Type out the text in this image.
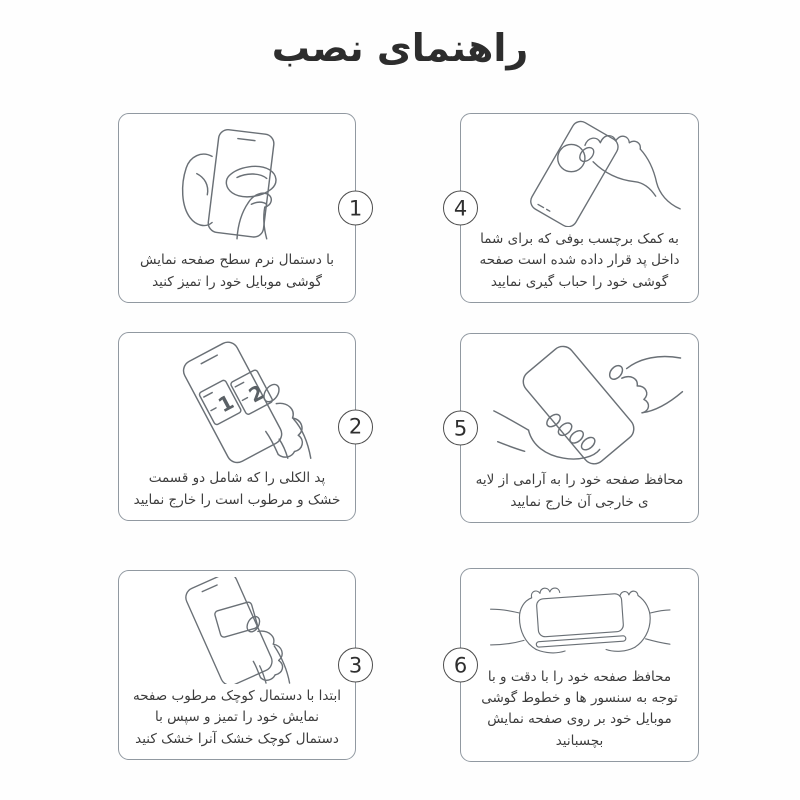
راهنمای نصب

با دستمال نرم سطح صفحه نمایش گوشی موبایل خود را تمیز کنید

1
1 2

پد الکلی را که شامل دو قسمت خشک و مرطوب است را خارج نمایید

2

ابتدا با دستمال کوچک مرطوب صفحه نمایش خود را تمیز و سپس با دستمال کوچک خشک آنرا خشک کنید

3

به کمک برچسب بوفی که برای شما داخل پد قرار داده شده است صفحه گوشی خود را حباب گیری نمایید

4

محافظ صفحه خود را به آرامی از لایه ی خارجی آن خارج نمایید

5

محافظ صفحه خود را با دقت و با توجه به سنسور ها و خطوط گوشی موبایل خود بر روی صفحه نمایش بچسبانید

6
